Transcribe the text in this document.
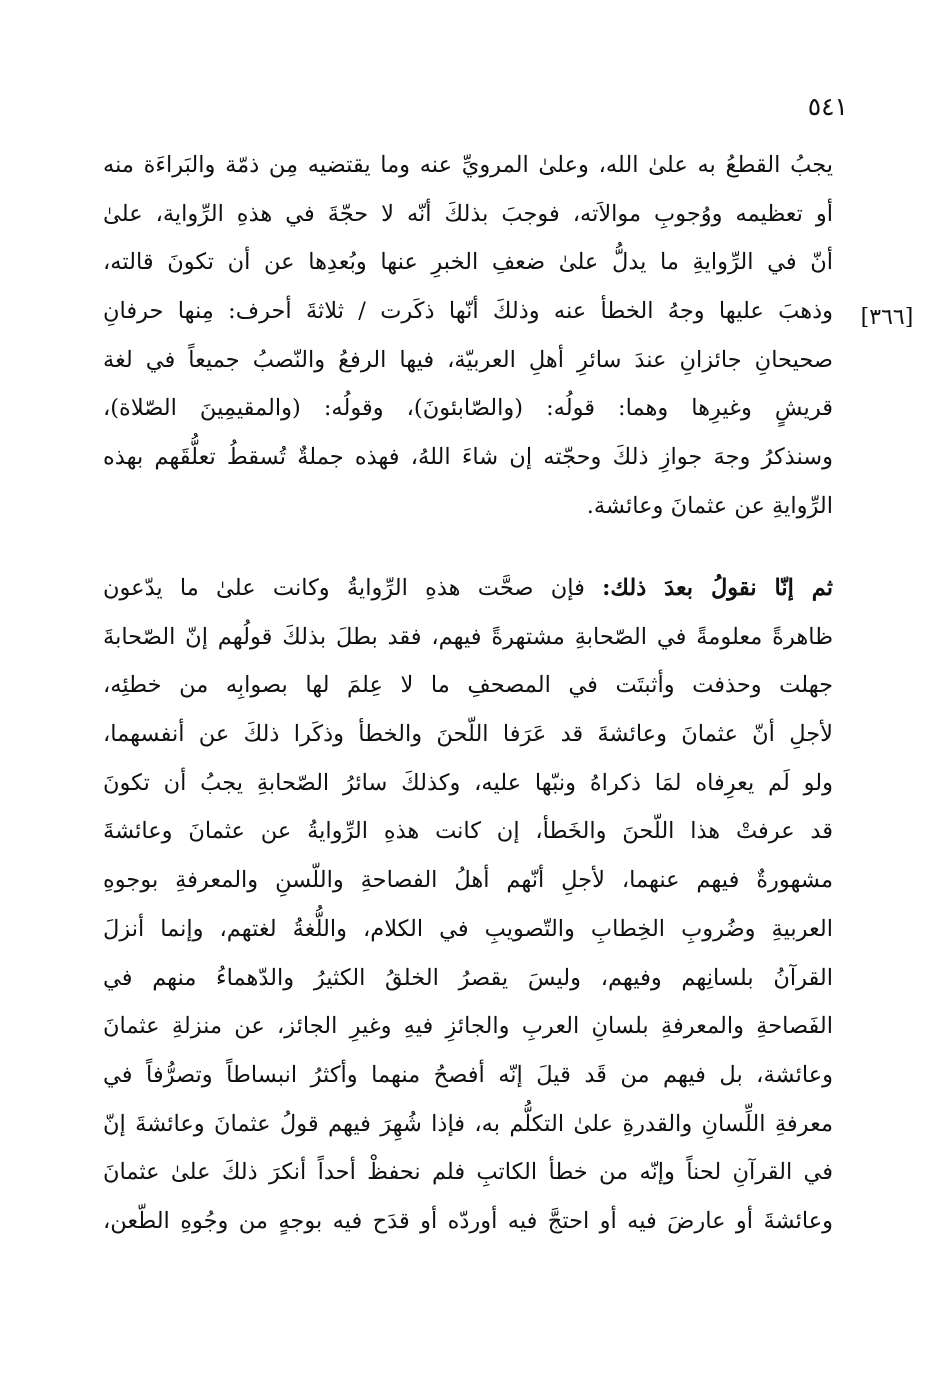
٥٤١
[٣٦٦]
يجبُ القطعُ به علىٰ الله، وعلىٰ المرويِّ عنه وما يقتضيه مِن ذمّة والبَراءَة منه
أو تعظيمه ووُجوبِ موالاَته، فوجبَ بذلكَ أنّه لا حجّةَ في هذهِ الرِّواية، علىٰ
أنّ في الرِّوايةِ ما يدلُّ علىٰ ضعفِ الخبرِ عنها وبُعدِها عن أن تكونَ قالته،
وذهبَ عليها وجهُ الخطأ عنه وذلكَ أنّها ذكَرت / ثلاثةَ أحرف: مِنها حرفانِ
صحيحانِ جائزانِ عندَ سائرِ أهلِ العربيّة، فيها الرفعُ والنّصبُ جميعاً في لغة
قريشٍ وغيرِها وهما: قولُه: (والصّابئونَ)، وقولُه: (والمقيمِينَ الصّلاة)،
وسنذكرُ وجهَ جوازِ ذلكَ وحجّته إن شاءَ اللهُ، فهذه جملةٌ تُسقطُ تعلُّقَهم بهذه
الرِّوايةِ عن عثمانَ وعائشة.
ثم إنّا نقولُ بعدَ ذلك: فإن صحَّت هذهِ الرِّوايةُ وكانت علىٰ ما يدّعون
ظاهرةً معلومةً في الصّحابةِ مشتهرةً فيهم، فقد بطلَ بذلكَ قولُهم إنّ الصّحابةَ
جهلت وحذفت وأثبتَت في المصحفِ ما لا عِلمَ لها بصوابِه من خطئِه،
لأجلِ أنّ عثمانَ وعائشةَ قد عَرَفا اللّحنَ والخطأ وذكَرا ذلكَ عن أنفسهما،
ولو لَم يعرِفاه لمَا ذكراهُ ونبّها عليه، وكذلكَ سائرُ الصّحابةِ يجبُ أن تكونَ
قد عرفتْ هذا اللّحنَ والخَطأ، إن كانت هذهِ الرِّوايةُ عن عثمانَ وعائشةَ
مشهورةٌ فيهم عنهما، لأجلِ أنّهم أهلُ الفصاحةِ واللّسنِ والمعرفةِ بوجوهِ
العربيةِ وضُروبِ الخِطابِ والتّصويبِ في الكلام، واللُّغةُ لغتهم، وإنما أنزلَ
القرآنُ بلسانِهم وفيهم، وليسَ يقصرُ الخلقُ الكثيرُ والدّهماءُ منهم في
الفَصاحةِ والمعرفةِ بلسانِ العربِ والجائزِ فيهِ وغيرِ الجائز، عن منزلةِ عثمانَ
وعائشة، بل فيهم من قَد قيلَ إنّه أفصحُ منهما وأكثرُ انبساطاً وتصرُّفاً في
معرفةِ اللِّسانِ والقدرةِ علىٰ التكلُّم به، فإذا شُهِرَ فيهم قولُ عثمانَ وعائشةَ إنّ
في القرآنِ لحناً وإنّه من خطأ الكاتبِ فلم نحفظْ أحداً أنكرَ ذلكَ علىٰ عثمانَ
وعائشةَ أو عارضَ فيه أو احتجَّ فيه أوردّه أو قدَح فيه بوجهٍ من وجُوهِ الطّعن،
